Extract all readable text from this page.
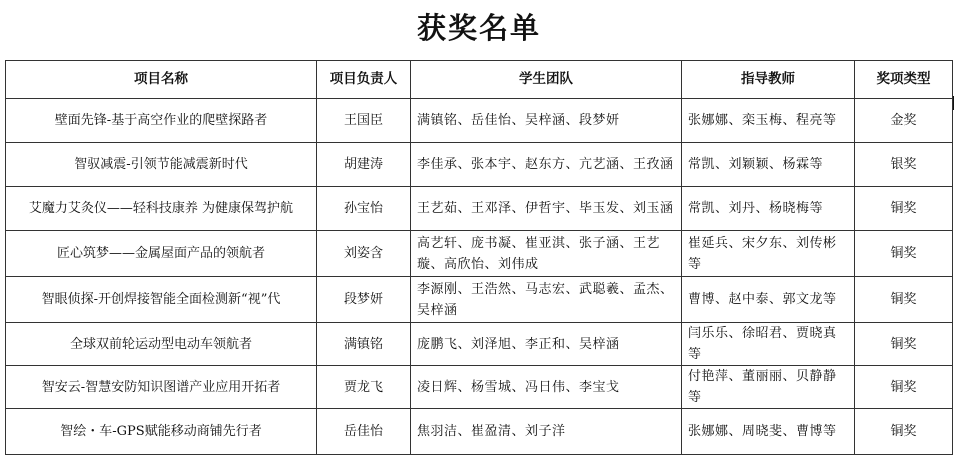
获奖名单
项目名称	项目负责人	学生团队	指导教师	奖项类型
壁面先锋-基于高空作业的爬壁探路者	王国臣	满镇铭、岳佳怡、吴梓涵、段梦妍	张娜娜、栾玉梅、程亮等	金奖
智驭减震-引领节能减震新时代	胡建涛	李佳承、张本宇、赵东方、亢艺涵、王孜涵	常凯、刘颖颖、杨霖等	银奖
艾魔力艾灸仪——轻科技康养 为健康保驾护航	孙宝怡	王艺茹、王邓泽、伊哲宇、毕玉发、刘玉涵	常凯、刘丹、杨晓梅等	铜奖
匠心筑梦——金属屋面产品的领航者	刘姿含	高艺轩、庞书凝、崔亚淇、张子涵、王艺璇、高欣怡、刘伟成	崔延兵、宋夕东、刘传彬等	铜奖
智眼侦探-开创焊接智能全面检测新“视”代	段梦妍	李源刚、王浩然、马志宏、武聪羲、孟杰、吴梓涵	曹博、赵中泰、郭文龙等	铜奖
全球双前轮运动型电动车领航者	满镇铭	庞鹏飞、刘泽旭、李正和、吴梓涵	闫乐乐、徐昭君、贾晓真等	铜奖
智安云-智慧安防知识图谱产业应用开拓者	贾龙飞	凌日辉、杨雪城、冯日伟、李宝戈	付艳萍、董丽丽、贝静静等	铜奖
智绘・车-GPS赋能移动商铺先行者	岳佳怡	焦羽洁、崔盈清、刘子洋	张娜娜、周晓斐、曹博等	铜奖
